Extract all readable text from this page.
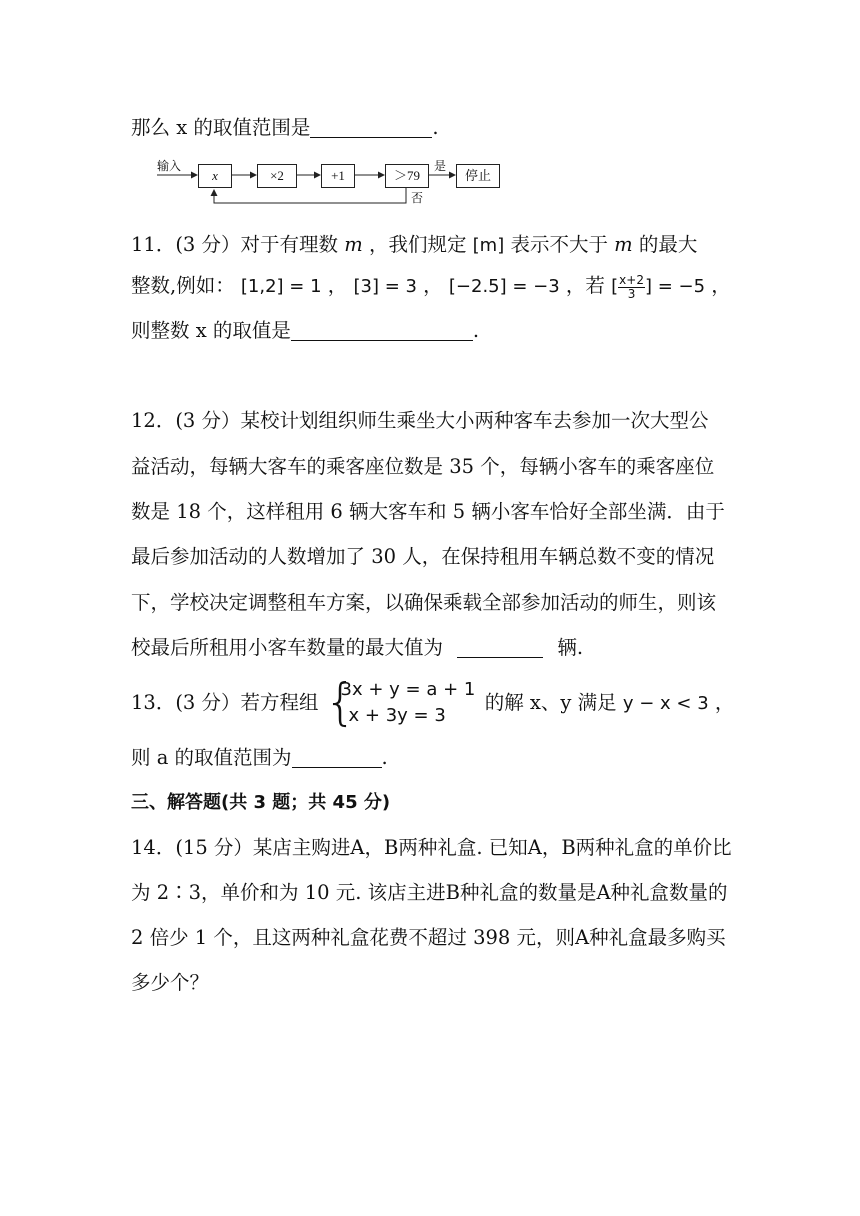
那么 x 的取值范围是	.
输入
x	×2	+1	＞79
是
否
停止
11．(3 分）对于有理数 m ，我们规定 [m] 表示不大于 m 的最大
整数,例如： [1,2] = 1 ， [3] = 3 ， [−2.5] = −3 ，若 [ $\frac{x+2}{3}$ ] = −5 ，
则整数 x 的取值是	.
12．(3 分）某校计划组织师生乘坐大小两种客车去参加一次大型公
益活动，每辆大客车的乘客座位数是 35 个，每辆小客车的乘客座位
数是 18 个，这样租用 6 辆大客车和 5 辆小客车恰好全部坐满．由于
最后参加活动的人数增加了 30 人，在保持租用车辆总数不变的情况
下，学校决定调整租车方案，以确保乘载全部参加活动的师生，则该
校最后所租用小客车数量的最大值为	辆.
13．(3 分）若方程组 {
3x + y = a + 1
x + 3y = 3
的解 x、y 满足 y − x < 3 ，
则 a 的取值范围为	.
三、解答题(共 3 题；共 45 分)
14．(15 分）某店主购进A，B两种礼盒. 已知A，B两种礼盒的单价比
为 2∶3，单价和为 10 元. 该店主进B种礼盒的数量是A种礼盒数量的
2 倍少 1 个，且这两种礼盒花费不超过 398 元，则A种礼盒最多购买
多少个？
